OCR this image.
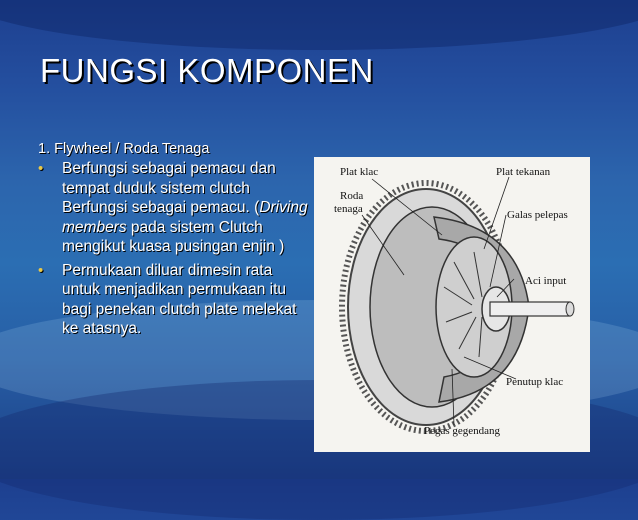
FUNGSI KOMPONEN
1. Flywheel / Roda Tenaga
• Berfungsi sebagai pemacu dan tempat duduk sistem clutch Berfungsi sebagai pemacu. (Driving members pada sistem Clutch mengikut kuasa pusingan enjin )

• Permukaan diluar dimesin rata untuk menjadikan permukaan itu bagi penekan clutch plate melekat ke atasnya.

Plat klac	Plat tekanan
Roda
tenaga	Galas pelepas
Aci input
Penutup klac
Pegas gegendang
